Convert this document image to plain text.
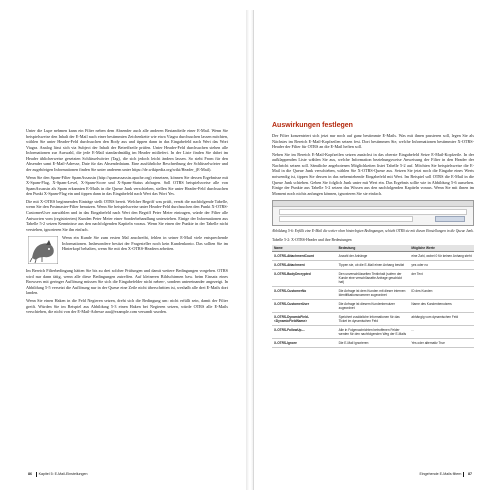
Unter die Lupe nehmen kann ein Filter neben dem Absender auch alle anderen Bestandteile einer E-Mail. Wenn Sie beispielsweise den Inhalt der E-Mail nach einer bestimmten Zeichenkette wie etwa Viagra durchsuchen lassen möchten, wählen Sie unter Header-Feld durchsuchen den Body aus und tippen dann in das Eingabefeld nach Wert das Wort Viagra. Analog lässt sich via Subject der Inhalt der Betreffzeile prüfen. Unter Header-Feld durchsuchen stehen alle Informationen zur Auswahl, die jede E-Mail standardmäßig im Header mitliefert. In der Liste finden Sie dabei im Header üblicherweise gesetzten Schlüsselwörter (Tag), die sich jedoch leicht ändern lassen. So steht From für den Absender samt E-Mail-Adresse, Date für das Absendedatum. Eine ausführliche Beschreibung der Schlüsselwörter und der zugehörigen Informationen finden Sie unter anderem unter https://de.wikipedia.org/wiki/Header_(E-Mail).

Wenn Sie den Spam-Filter SpamAssassin (http://spamassassin.apache.org) einsetzen, können Sie dessen Ergebnisse mit X-Spam-Flag, X-Spam-Level, X-Spam-Score und X-Spam-Status abfragen. Soll OTRS beispielsweise alle von SpamAssassin als Spam erkannten E-Mails in die Queue Junk verschieben, stellen Sie unter Header-Feld durchsuchen den Punkt X-Spam-Flag ein und tippen dann in das Eingabefeld nach Wert das Wort Yes.

Die mit X-OTRS beginnenden Einträge stellt OTRS bereit. Welcher Begriff was prüft, verrät die nachfolgende Tabelle, wenn Sie den Postmaster-Filter benutzen. Wenn Sie beispielsweise unter Header-Feld durchsuchen den Punkt X-OTRS-CustomerUser auswählen und in das Eingabefeld nach Wert den Begriff Peter Meier eintragen, würde der Filter alle Antworten vom (registrierten) Kunden Peter Meier einer Sonderbehandlung unterziehen. Einige der Informationen aus Tabelle 5-2 setzen Kenntnisse aus den nachfolgenden Kapiteln voraus. Wenn Sie einen der Punkte in der Tabelle nicht verstehen, ignorieren Sie ihn einfach.

Wenn ein Kunde Sie zum ersten Mal anschreibt, fehlen in seiner E-Mail viele entsprechende Informationen. Insbesondere besitzt der Fragesteller noch kein Kundenkonto. Das sollten Sie im Hinterkopf behalten, wenn Sie mit den X-OTRS-Headern arbeiten.

Im Bereich Filterbedingung hätten Sie bis zu drei solcher Prüfungen und damit weitere Bedingungen vorgeben. OTRS wird nur dann tätig, wenn alle diese Bedingungen zutreffen. Auf kleineren Bildschirmen bzw. beim Einsatz eines Browsers mit geringer Auflösung müssen Sie sich die Eingabefelder nicht neben-, sondern untereinander angezeigt. In Abbildung 5-5 versetzt die Auflösung nur in der Queue eine Zeile nicht überschritten ist, weshalb alle drei E-Mails dort landen.

Wenn Sie einen Haken in die Feld Negieren setzen, dreht sich die Bedingung um: nicht erfüllt sein, damit der Filter greift. Würden Sie im Beispiel aus Abbildung 5-3 einen Haken bei Negieren setzen, würde OTRS alle E-Mails verschieben, die nicht von der E-Mail-Adresse aaa@example.com versandt wurden.

86 Kapitel 5: E-Mail-Einstellungen
Auswirkungen festlegen

Der Filter konzentriert sich jetzt nur noch auf ganz bestimmte E-Mails. Was mit ihnen passieren soll, legen Sie als Nächstes im Bereich E-Mail-Kopfzeilen setzen fest. Dort bestimmen Sie, welche Informationen bestimmter X-OTRS-Header der Filter für OTRS an die E-Mail heften soll.

Neben Sie im Bereich E-Mail-Kopfzeilen setzen zunächst in das oberste Eingabefeld Setze E-Mail-Kopfzeile. In der aufklappenden Liste wählen Sie aus, welche Information beziehungsweise Anweisung der Filter in den Header der Nachricht setzen soll. Sämtliche angebotenen Möglichkeiten listet Tabelle 5-2 auf. Möchten Sie beispielsweise die E-Mail in die Queue Junk verschieben, wählen Sie X-OTRS-Queue aus. Setzen Sie jetzt noch die Eingabe eines Werts notwendig ist, tippen Sie dessen in das nebenstehende Eingabefeld mit Wert. Im Beispiel soll OTRS die E-Mail in die Queue Junk schieben. Geben Sie folglich Junk unter mit Wert ein. Das Ergebnis sollte wie in Abbildung 5-6 aussehen. Einige der Punkte aus Tabelle 5-2 setzen das Wissen aus den nachfolgenden Kapiteln voraus. Wenn Sie mit ihnen im Moment noch nichts anfangen können, ignorieren Sie sie einfach.

Abbildung 5-6: Erfüllt eine E-Mail die weiter oben hinterlegten Bedingungen, schiebt OTRS sie mit diesen Einstellungen in die Queue Junk.

Tabelle 5-2: X-OTRS-Header und ihre Bedeutungen

Name	Bedeutung	Mögliche Werte
X-OTRS-AttachmentCount	Anzahl der Anhänge	eine Zahl, wobei 0 für keinen Anhang steht
X-OTRS-Attachment	Tippen sie, ob die E-Mail einen Anhang besitzt	yes oder no
X-OTRS-BodyDecrypted	Den unverschlüsselten Textinhalt (sofern der Kunde eine verschlüsselte Anfrage geschickt hat)	der Text
X-OTRS-CustomerNo	Die Anfrage ist dem Kunden mit dieser internen Identifikationsnummer zugeordnet	ID des Kunden
X-OTRS-CustomerUser	Die Anfrage ist diesem Kundenbenutzer zugeordnet	Name des Kundenbenutzers
X-OTRS-DynamicField-<DynamicFieldName>	Speichert zusätzliche Informationen für das Ticket im dynamischen Feld	abhängig vom dynamischen Feld
X-OTRS-FollowUp-...	Alle in Folgenachrichten betroffenen Felder werden für den nachfolgenden Weg der E-Mails	...
X-OTRS-Ignore	Die E-Mail ignorieren	Yes oder alternativ True
Eingehende E-Mails filtern 87
